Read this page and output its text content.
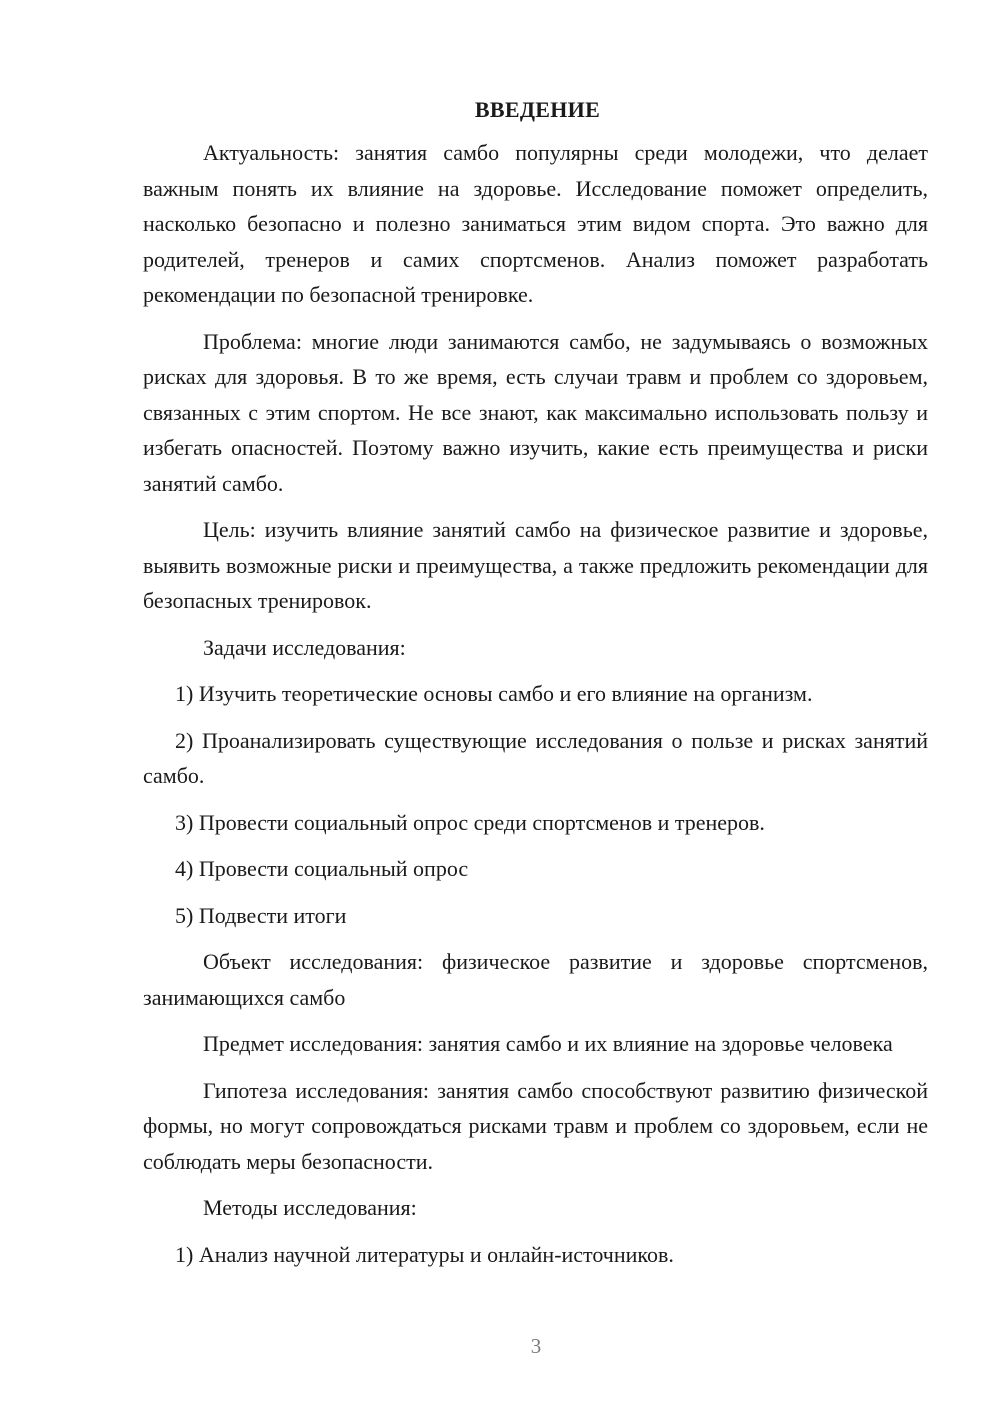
ВВЕДЕНИЕ

Актуальность: занятия самбо популярны среди молодежи, что делает важным понять их влияние на здоровье. Исследование поможет определить, насколько безопасно и полезно заниматься этим видом спорта. Это важно для родителей, тренеров и самих спортсменов. Анализ поможет разработать рекомендации по безопасной тренировке.

Проблема: многие люди занимаются самбо, не задумываясь о возможных рисках для здоровья. В то же время, есть случаи травм и проблем со здоровьем, связанных с этим спортом. Не все знают, как максимально использовать пользу и избегать опасностей. Поэтому важно изучить, какие есть преимущества и риски занятий самбо.

Цель: изучить влияние занятий самбо на физическое развитие и здоровье, выявить возможные риски и преимущества, а также предложить рекомендации для безопасных тренировок.

Задачи исследования:

1) Изучить теоретические основы самбо и его влияние на организм.

2) Проанализировать существующие исследования о пользе и рисках занятий самбо.

3) Провести социальный опрос среди спортсменов и тренеров.

4) Провести социальный опрос

5) Подвести итоги

Объект исследования: физическое развитие и здоровье спортсменов, занимающихся самбо

Предмет исследования: занятия самбо и их влияние на здоровье человека

Гипотеза исследования: занятия самбо способствуют развитию физической формы, но могут сопровождаться рисками травм и проблем со здоровьем, если не соблюдать меры безопасности.

Методы исследования:

1) Анализ научной литературы и онлайн-источников.

3
